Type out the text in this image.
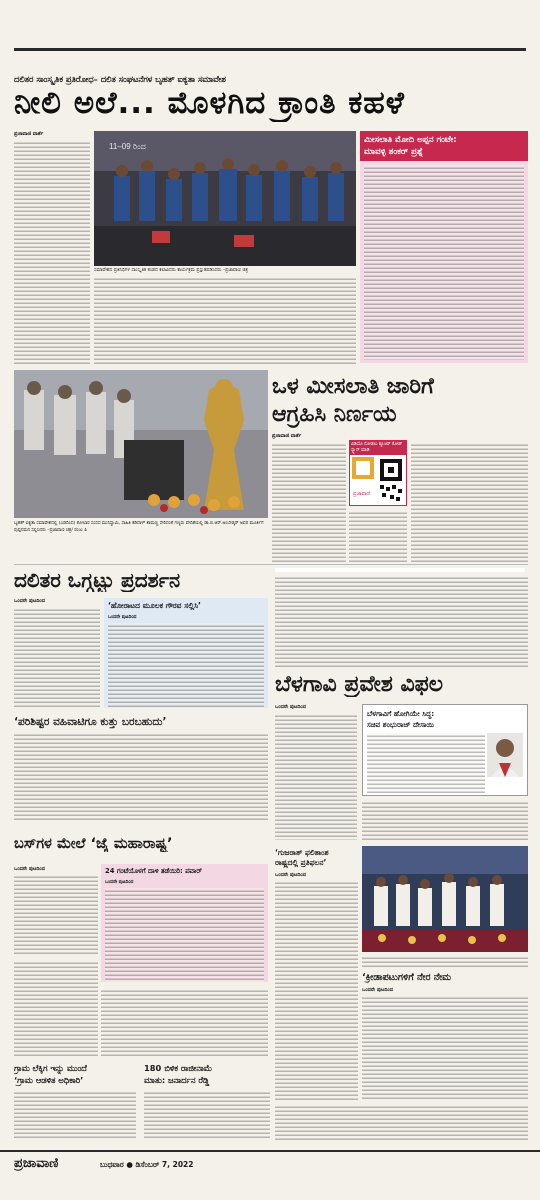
ದಲಿತರ ಸಾಂಸ್ಕೃತಿಕ ಪ್ರತಿರೋಧ– ದಲಿತ ಸಂಘಟನೆಗಳ ಬೃಹತ್ ಐಕ್ಯತಾ ಸಮಾವೇಶ
ನೀಲಿ ಅಲೆ... ಮೊಳಗಿದ ಕ್ರಾಂತಿ ಕಹಳೆ
ಪ್ರಜಾವಾಣಿ ವಾರ್ತೆ
11–09 ರಿಂದ
ಸಮಾವೇಶದ ಪ್ರತಿನಿಧಿಗಳ ಸಾಂಸ್ಕೃತಿಕ ತಂಡದ ಕಲಾವಿದರು ಕಾರ್ಯಕ್ರಮ ಪ್ರಸ್ತುತಪಡಿಸಿದರು –ಪ್ರಜಾವಾಣಿ ಚಿತ್ರ
ಮೀಸಲಾತಿ ಮೋದಿ ಅಪ್ಪನ ಗಂಟೇ:
ಮಾವಳ್ಳಿ ಶಂಕರ್ ಪ್ರಶ್ನೆ
ಬೃಹತ್ ಐಕ್ಯತಾ ಸಮಾವೇಶದಲ್ಲಿ (ಎಡದಿಂದ) ಕೋಲಾರ ಸಂಸದ ಮುನಿಸ್ವಾಮಿ, ಸಾಹಿತಿ ಕಡಿದಾಳ್ ಶಾಮಣ್ಣ ಸೇರಿದಂತೆ ಗಣ್ಯರು ವೇದಿಕೆಯಲ್ಲಿ ಡಾ.ಬಿ.ಆರ್.ಅಂಬೇಡ್ಕರ್ ಅವರ ಮೂರ್ತಿಗೆ ಪುಷ್ಪನಮನ ಸಲ್ಲಿಸಿದರು –ಪ್ರಜಾವಾಣಿ ಚಿತ್ರ/ ರಂಜು ಪಿ
ಒಳ ಮೀಸಲಾತಿ ಜಾರಿಗೆ
ಆಗ್ರಹಿಸಿ ನಿರ್ಣಯ
ಪ್ರಜಾವಾಣಿ ವಾರ್ತೆ
ವಿಡಿಯೊ ನೋಡಲು ಕ್ಯೂಆರ್ ಕೋಡ್ ಸ್ಕ್ಯಾನ್ ಮಾಡಿ
ಪ್ರಜಾವಾಣಿ
ದಲಿತರ ಒಗ್ಗಟ್ಟು ಪ್ರದರ್ಶನ
ಒಂದನೇ ಪುಟದಿಂದ	‘ಹೋರಾಟದ ಮೂಲಕ ಗೌರವ ಸಲ್ಲಿಸಿ’
ಒಂದನೇ ಪುಟದಿಂದ
‘ಪರಿಶಿಷ್ಟರ ವಹಿವಾಟಿಗೂ ಕುತ್ತು ಬರಬಹುದು’
ಬೆಳಗಾವಿ ಪ್ರವೇಶ ವಿಫಲ
ಒಂದನೇ ಪುಟದಿಂದ
ಬೆಳಗಾವಿಗೆ ಹೋಗಿಯೇ ಸಿದ್ಧ:
ಸಚಿವ ಶಂಭುರಾಜ್ ದೇಸಾಯಿ
ಬಸ್‌ಗಳ ಮೇಲೆ ‘ಜೈ ಮಹಾರಾಷ್ಟ್ರ’
ಒಂದನೇ ಪುಟದಿಂದ	24 ಗಂಟೆಯೊಳಗೆ ದಾಳಿ ತಡೆಯಿರಿ: ಪವಾರ್
ಒಂದನೇ ಪುಟದಿಂದ
‘ಗುಜರಾತ್ ಫಲಿತಾಂಶ
ರಾಷ್ಟ್ರದಲ್ಲಿ ಪ್ರತಿಫಲನ’
ಒಂದನೇ ಪುಟದಿಂದ
‘ಕ್ರೀಡಾಪಟುಗಳಿಗೆ ನೇರ ನೇಮ
ಒಂದನೇ ಪುಟದಿಂದ
ಗ್ರಾಮ ಲೆಕ್ಕಿಗ ಇನ್ನು ಮುಂದೆ
‘ಗ್ರಾಮ ಆಡಳಿತ ಅಧಿಕಾರಿ’
180 ಬಿಳಿಕ ರಾಜೀನಾಮೆ
ಮಾತು: ಜನಾರ್ದನ ರೆಡ್ಡಿ
ಪ್ರಜಾವಾಣಿ	ಬುಧವಾರ ● ಡಿಸೆಂಬರ್ 7, 2022
